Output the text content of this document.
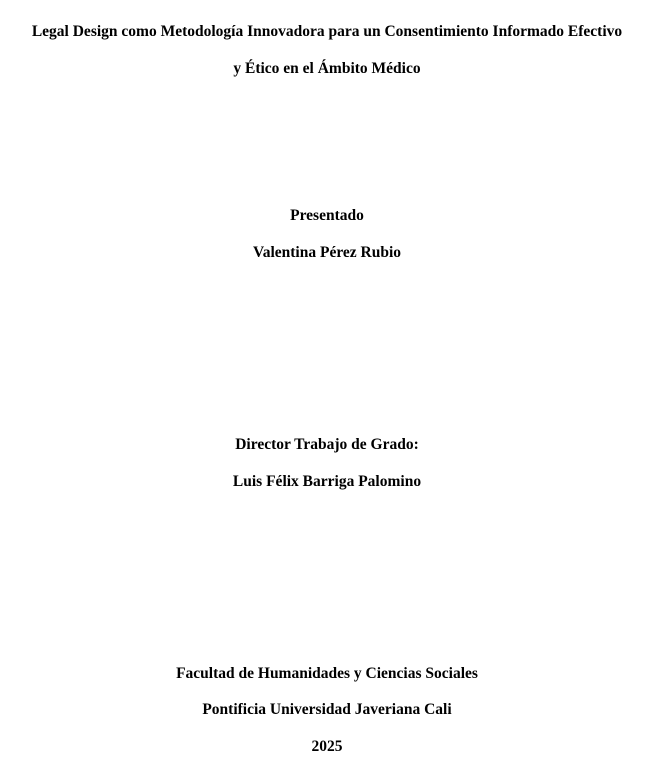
Legal Design como Metodología Innovadora para un Consentimiento Informado Efectivo

y Ético en el Ámbito Médico

Presentado

Valentina Pérez Rubio

Director Trabajo de Grado:

Luis Félix Barriga Palomino

Facultad de Humanidades y Ciencias Sociales

Pontificia Universidad Javeriana Cali

2025
